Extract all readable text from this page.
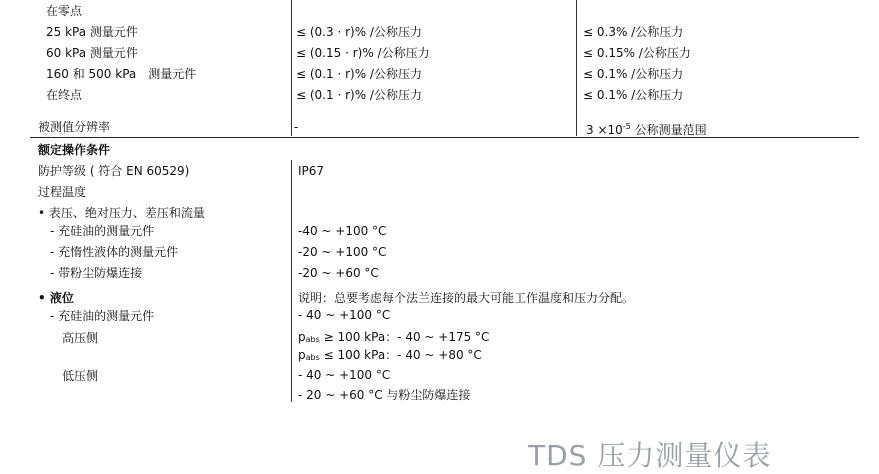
在零点
25 kPa 测量元件	≤ (0.3 · r)% /公称压力	≤ 0.3% /公称压力
60 kPa 测量元件	≤ (0.15 · r)% /公称压力	≤ 0.15% /公称压力
160 和 500 kPa　测量元件	≤ (0.1 · r)% /公称压力	≤ 0.1% /公称压力
在终点	≤ (0.1 · r)% /公称压力	≤ 0.1% /公称压力
被测值分辨率	-	$3 \times 10^{-5}$ 公称测量范围
额定操作条件
防护等级 ( 符合 EN 60529)	IP67
过程温度
• 表压、绝对压力、差压和流量
- 充硅油的测量元件	-40 ~ +100 °C
- 充惰性液体的测量元件	-20 ~ +100 °C
- 带粉尘防爆连接	-20 ~ +60 °C
• 液位	说明：总要考虑每个法兰连接的最大可能工作温度和压力分配。
- 充硅油的测量元件	- 40 ~ +100 °C
高压侧	$p_{abs} \ge 100$ kPa：- 40 ~ +175 °C
$p_{abs} \le 100$ kPa：- 40 ~ +80 °C
低压侧	- 40 ~ +100 °C
- 20 ~ +60 °C 与粉尘防爆连接
TDS 压力测量仪表
